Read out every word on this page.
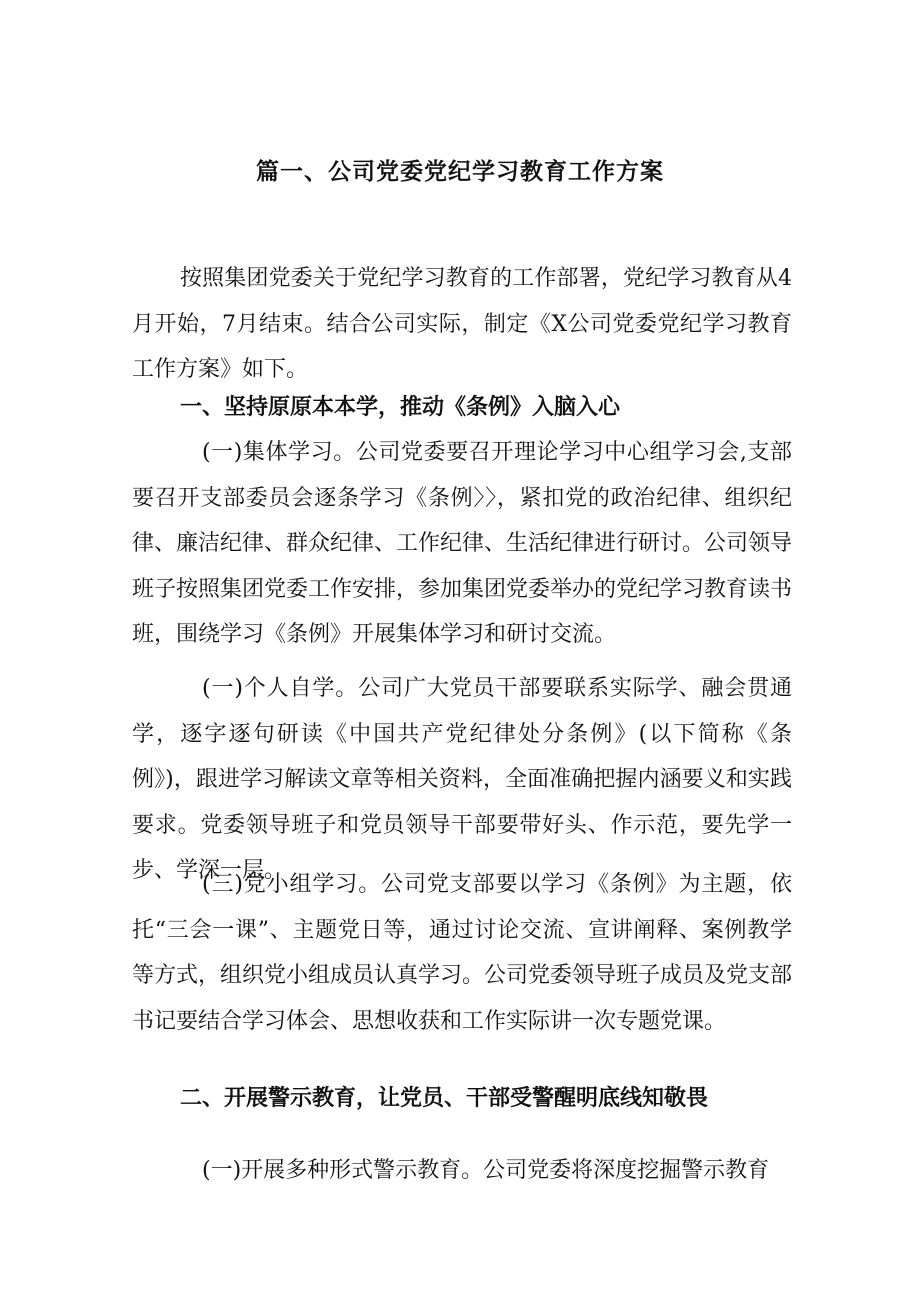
篇一、公司党委党纪学习教育工作方案

按照集团党委关于党纪学习教育的工作部署，党纪学习教育从4月开始，7月结束。结合公司实际，制定《X公司党委党纪学习教育工作方案》如下。

一、坚持原原本本学，推动《条例》入脑入心

(一)集体学习。公司党委要召开理论学习中心组学习会,支部要召开支部委员会逐条学习《条例〉〉，紧扣党的政治纪律、组织纪律、廉洁纪律、群众纪律、工作纪律、生活纪律进行研讨。公司领导班子按照集团党委工作安排，参加集团党委举办的党纪学习教育读书班，围绕学习《条例》开展集体学习和研讨交流。

(一)个人自学。公司广大党员干部要联系实际学、融会贯通学，逐字逐句研读《中国共产党纪律处分条例》(以下简称《条例》)，跟进学习解读文章等相关资料，全面准确把握内涵要义和实践要求。党委领导班子和党员领导干部要带好头、作示范，要先学一步、学深一层。

(三)党小组学习。公司党支部要以学习《条例》为主题，依托“三会一课”、主题党日等，通过讨论交流、宣讲阐释、案例教学等方式，组织党小组成员认真学习。公司党委领导班子成员及党支部书记要结合学习体会、思想收获和工作实际讲一次专题党课。

二、开展警示教育，让党员、干部受警醒明底线知敬畏

(一)开展多种形式警示教育。公司党委将深度挖掘警示教育
